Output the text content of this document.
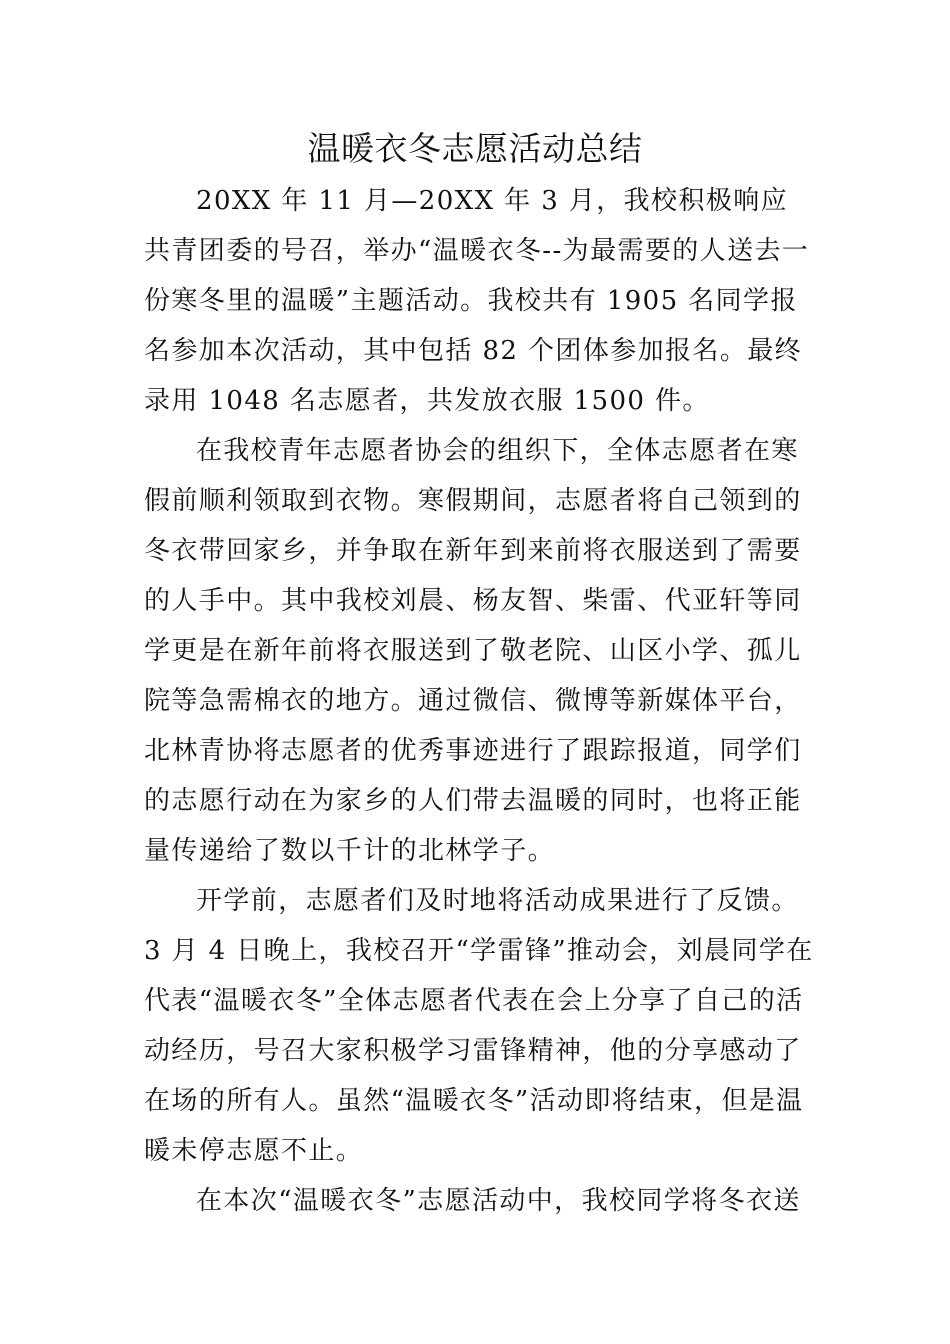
温暖衣冬志愿活动总结

20XX 年 11 月—20XX 年 3 月，我校积极响应共青团委的号召，举办“温暖衣冬--为最需要的人送去一份寒冬里的温暖”主题活动。我校共有 1905 名同学报名参加本次活动，其中包括 82 个团体参加报名。最终录用 1048 名志愿者，共发放衣服 1500 件。

在我校青年志愿者协会的组织下，全体志愿者在寒假前顺利领取到衣物。寒假期间，志愿者将自己领到的冬衣带回家乡，并争取在新年到来前将衣服送到了需要的人手中。其中我校刘晨、杨友智、柴雷、代亚轩等同学更是在新年前将衣服送到了敬老院、山区小学、孤儿院等急需棉衣的地方。通过微信、微博等新媒体平台，北林青协将志愿者的优秀事迹进行了跟踪报道，同学们的志愿行动在为家乡的人们带去温暖的同时，也将正能量传递给了数以千计的北林学子。

开学前，志愿者们及时地将活动成果进行了反馈。3 月 4 日晚上，我校召开“学雷锋”推动会，刘晨同学在代表“温暖衣冬”全体志愿者代表在会上分享了自己的活动经历，号召大家积极学习雷锋精神，他的分享感动了在场的所有人。虽然“温暖衣冬”活动即将结束，但是温暖未停志愿不止。

在本次“温暖衣冬”志愿活动中，我校同学将冬衣送
